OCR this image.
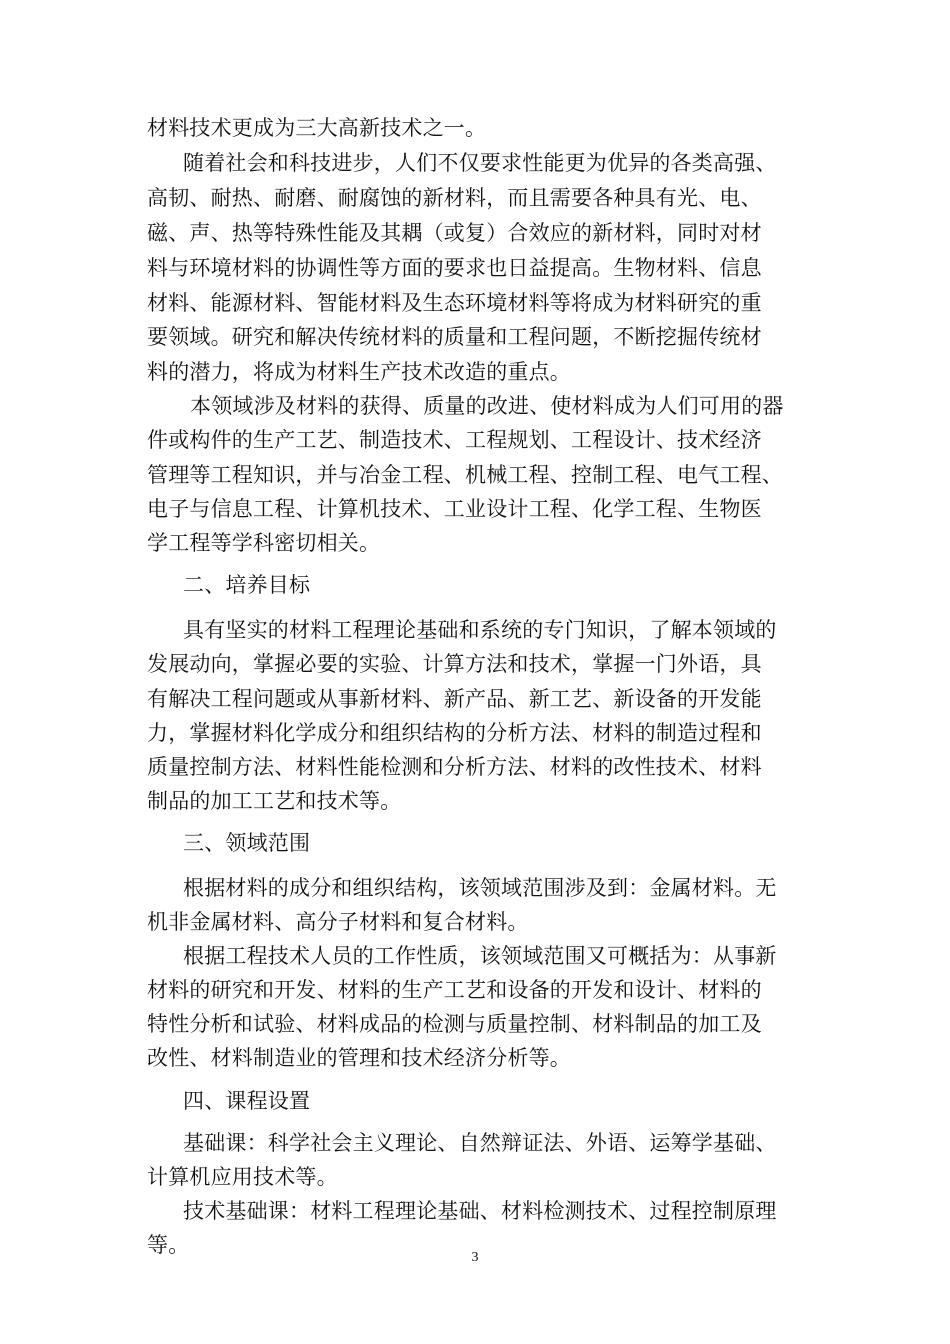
材料技术更成为三大高新技术之一。
随着社会和科技进步，人们不仅要求性能更为优异的各类高强、
高韧、耐热、耐磨、耐腐蚀的新材料，而且需要各种具有光、电、
磁、声、热等特殊性能及其耦（或复）合效应的新材料，同时对材
料与环境材料的协调性等方面的要求也日益提高。生物材料、信息
材料、能源材料、智能材料及生态环境材料等将成为材料研究的重
要领域。研究和解决传统材料的质量和工程问题，不断挖掘传统材
料的潜力，将成为材料生产技术改造的重点。
本领域涉及材料的获得、质量的改进、使材料成为人们可用的器
件或构件的生产工艺、制造技术、工程规划、工程设计、技术经济
管理等工程知识，并与冶金工程、机械工程、控制工程、电气工程、
电子与信息工程、计算机技术、工业设计工程、化学工程、生物医
学工程等学科密切相关。
二、培养目标
具有坚实的材料工程理论基础和系统的专门知识，了解本领域的
发展动向，掌握必要的实验、计算方法和技术，掌握一门外语，具
有解决工程问题或从事新材料、新产品、新工艺、新设备的开发能
力，掌握材料化学成分和组织结构的分析方法、材料的制造过程和
质量控制方法、材料性能检测和分析方法、材料的改性技术、材料
制品的加工工艺和技术等。
三、领域范围
根据材料的成分和组织结构，该领域范围涉及到：金属材料。无
机非金属材料、高分子材料和复合材料。
根据工程技术人员的工作性质，该领域范围又可概括为：从事新
材料的研究和开发、材料的生产工艺和设备的开发和设计、材料的
特性分析和试验、材料成品的检测与质量控制、材料制品的加工及
改性、材料制造业的管理和技术经济分析等。
四、课程设置
基础课：科学社会主义理论、自然辩证法、外语、运筹学基础、
计算机应用技术等。
技术基础课：材料工程理论基础、材料检测技术、过程控制原理
等。
3
